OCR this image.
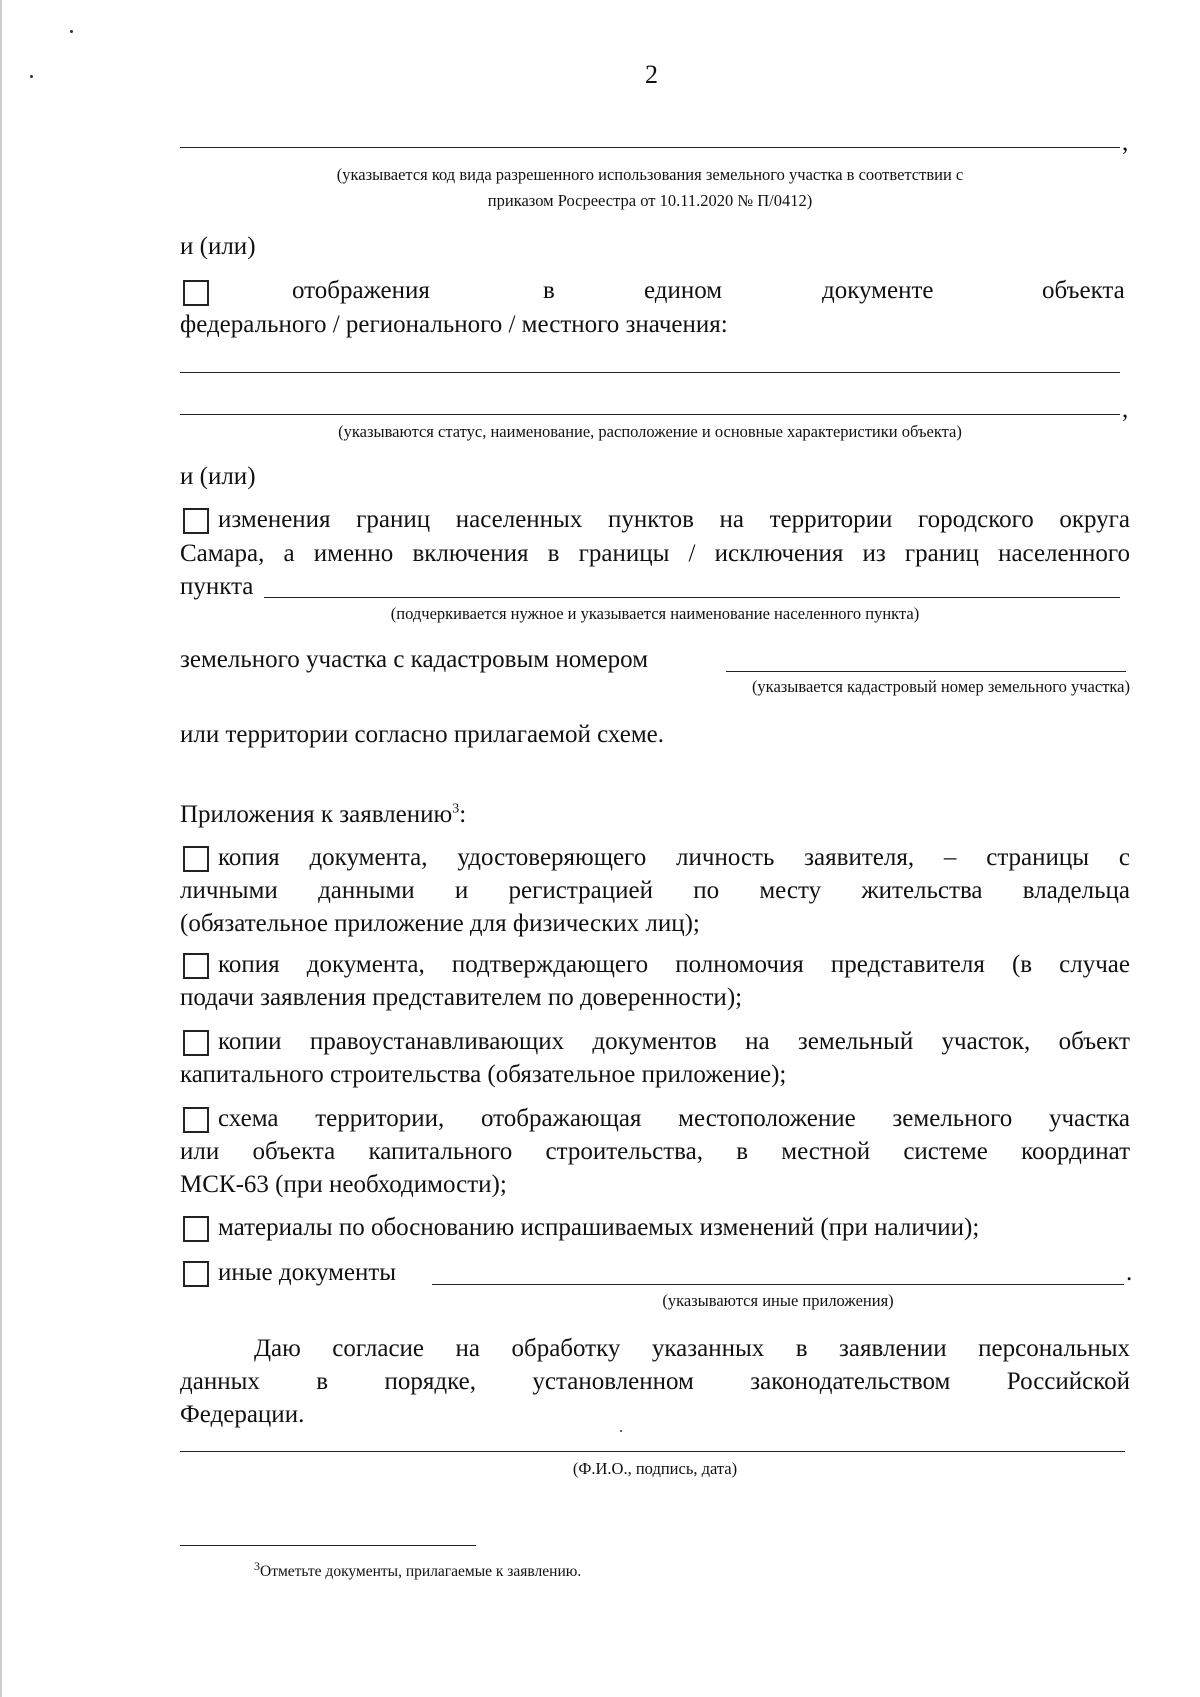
2
,
(указывается код вида разрешенного использования земельного участка в соответствии с
приказом Росреестра от 10.11.2020 № П/0412)
и (или)
отображения	в	едином	документе	объекта
федерального / регионального / местного значения:
,
(указываются статус, наименование, расположение и основные характеристики объекта)
и (или)
изменения границ населенных пунктов на территории городского округа
Самара, а именно включения в границы / исключения из границ населенного
пункта
(подчеркивается нужное и указывается наименование населенного пункта)
земельного участка с кадастровым номером
(указывается кадастровый номер земельного участка)
или территории согласно прилагаемой схеме.
Приложения к заявлению$^3$:
копия документа, удостоверяющего личность заявителя, – страницы с
личными данными и регистрацией по месту жительства владельца
(обязательное приложение для физических лиц);
копия документа, подтверждающего полномочия представителя (в случае
подачи заявления представителем по доверенности);
копии правоустанавливающих документов на земельный участок, объект
капитального строительства (обязательное приложение);
схема территории, отображающая местоположение земельного участка
или объекта капитального строительства, в местной системе координат
МСК-63 (при необходимости);
материалы по обоснованию испрашиваемых изменений (при наличии);
иные документы	.
(указываются иные приложения)
Даю согласие на обработку указанных в заявлении персональных
данных в порядке, установленном законодательством Российской
Федерации.
(Ф.И.О., подпись, дата)
$^3$Отметьте документы, прилагаемые к заявлению.
